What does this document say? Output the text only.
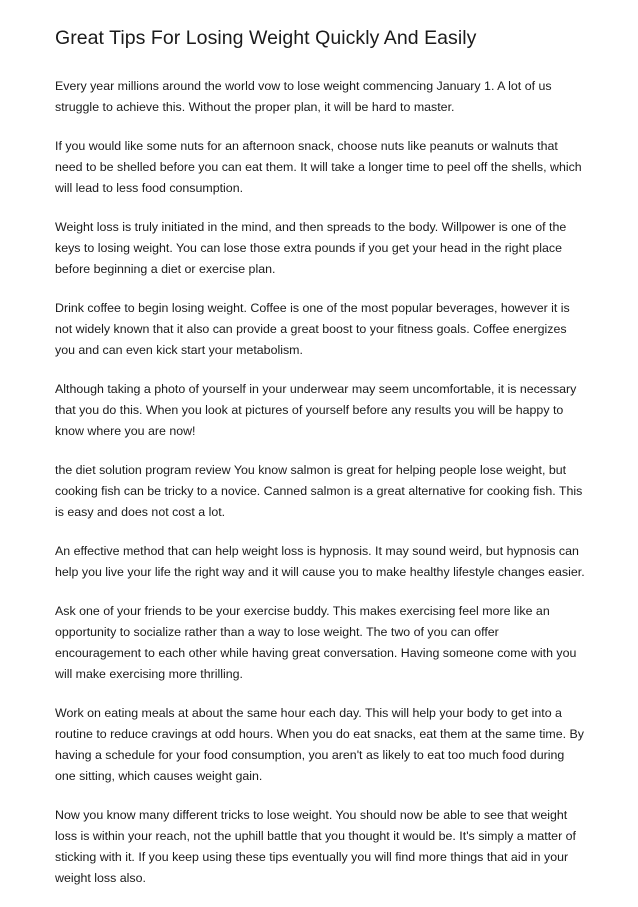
Great Tips For Losing Weight Quickly And Easily

Every year millions around the world vow to lose weight commencing January 1. A lot of us struggle to achieve this. Without the proper plan, it will be hard to master.

If you would like some nuts for an afternoon snack, choose nuts like peanuts or walnuts that need to be shelled before you can eat them. It will take a longer time to peel off the shells, which will lead to less food consumption.

Weight loss is truly initiated in the mind, and then spreads to the body. Willpower is one of the keys to losing weight. You can lose those extra pounds if you get your head in the right place before beginning a diet or exercise plan.

Drink coffee to begin losing weight. Coffee is one of the most popular beverages, however it is not widely known that it also can provide a great boost to your fitness goals. Coffee energizes you and can even kick start your metabolism.

Although taking a photo of yourself in your underwear may seem uncomfortable, it is necessary that you do this. When you look at pictures of yourself before any results you will be happy to know where you are now!

the diet solution program review You know salmon is great for helping people lose weight, but cooking fish can be tricky to a novice. Canned salmon is a great alternative for cooking fish. This is easy and does not cost a lot.

An effective method that can help weight loss is hypnosis. It may sound weird, but hypnosis can help you live your life the right way and it will cause you to make healthy lifestyle changes easier.

Ask one of your friends to be your exercise buddy. This makes exercising feel more like an opportunity to socialize rather than a way to lose weight. The two of you can offer encouragement to each other while having great conversation. Having someone come with you will make exercising more thrilling.

Work on eating meals at about the same hour each day. This will help your body to get into a routine to reduce cravings at odd hours. When you do eat snacks, eat them at the same time. By having a schedule for your food consumption, you aren't as likely to eat too much food during one sitting, which causes weight gain.

Now you know many different tricks to lose weight. You should now be able to see that weight loss is within your reach, not the uphill battle that you thought it would be. It's simply a matter of sticking with it. If you keep using these tips eventually you will find more things that aid in your weight loss also.
